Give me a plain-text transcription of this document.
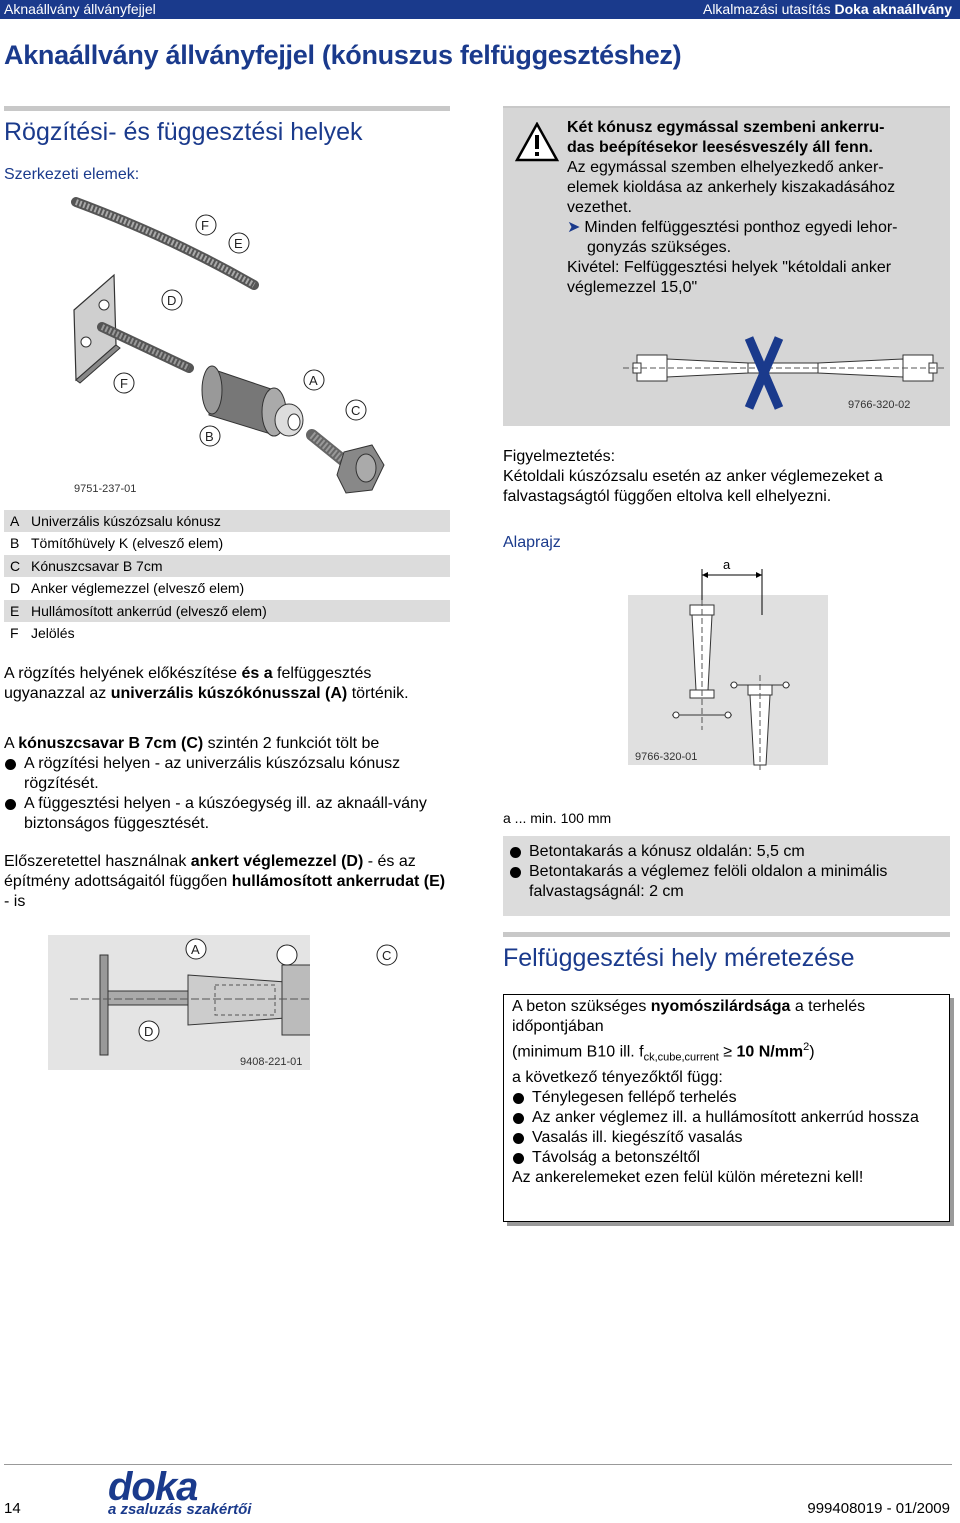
Aknaállvány állványfejjel	Alkalmazási utasítás Doka aknaállvány
Aknaállvány állványfejjel (kónuszus felfüggesztéshez)
Rögzítési- és függesztési helyek
Szerkezeti elemek:
F
E
D
F	A
C
B
9751-237-01

Két kónusz egymással szembeni ankerru-

das beépítésekor leesésveszély áll fenn.

Az egymással szemben elhelyezkedő anker-

elemek kioldása az ankerhely kiszakadásához

vezethet.

➤ Minden felfüggesztési ponthoz egyedi lehor-

gonyzás szükséges.

Kivétel: Felfüggesztési helyek "kétoldali anker

véglemezzel 15,0"

9766-320-02
A Univerzális kúszózsalu kónusz
B Tömítőhüvely K (elvesző elem)
C Kónuszcsavar B 7cm
D Anker véglemezzel (elvesző elem)
E Hullámosított ankerrúd (elvesző elem)
F Jelölés
A rögzítés helyének előkészítése és a felfüggesztés ugyanazzal az univerzális kúszókónusszal (A) történik.
A kónuszcsavar B 7cm (C) szintén 2 funkciót tölt be
A rögzítési helyen - az univerzális kúszózsalu kónusz rögzítését.
A függesztési helyen - a kúszóegység ill. az aknaáll-vány biztonságos függesztését.
Előszeretettel használnak ankert véglemezzel (D) - és az építmény adottságaitól függően hullámosított ankerrudat (E) - is
A
D
9408-221-01
C
Figyelmeztetés:
Kétoldali kúszózsalu esetén az anker véglemezeket a falvastagságtól függően eltolva kell elhelyezni.
Alaprajz
a
9766-320-01
a ... min. 100 mm
Betontakarás a kónusz oldalán: 5,5 cm
Betontakarás a véglemez felöli oldalon a minimális falvastagságnál: 2 cm
Felfüggesztési hely méretezése
A beton szükséges nyomószilárdsága a terhelés időpontjában
(minimum B10 ill. $f_{ck,cube,current} \ge 10$ $N/mm^2$)
a következő tényezőktől függ:
Ténylegesen fellépő terhelés
Az anker véglemez ill. a hullámosított ankerrúd hossza
Vasalás ill. kiegészítő vasalás
Távolság a betonszéltől
Az ankerelemeket ezen felül külön méretezni kell!
14 doka
a zsaluzás szakértői	999408019 - 01/2009
